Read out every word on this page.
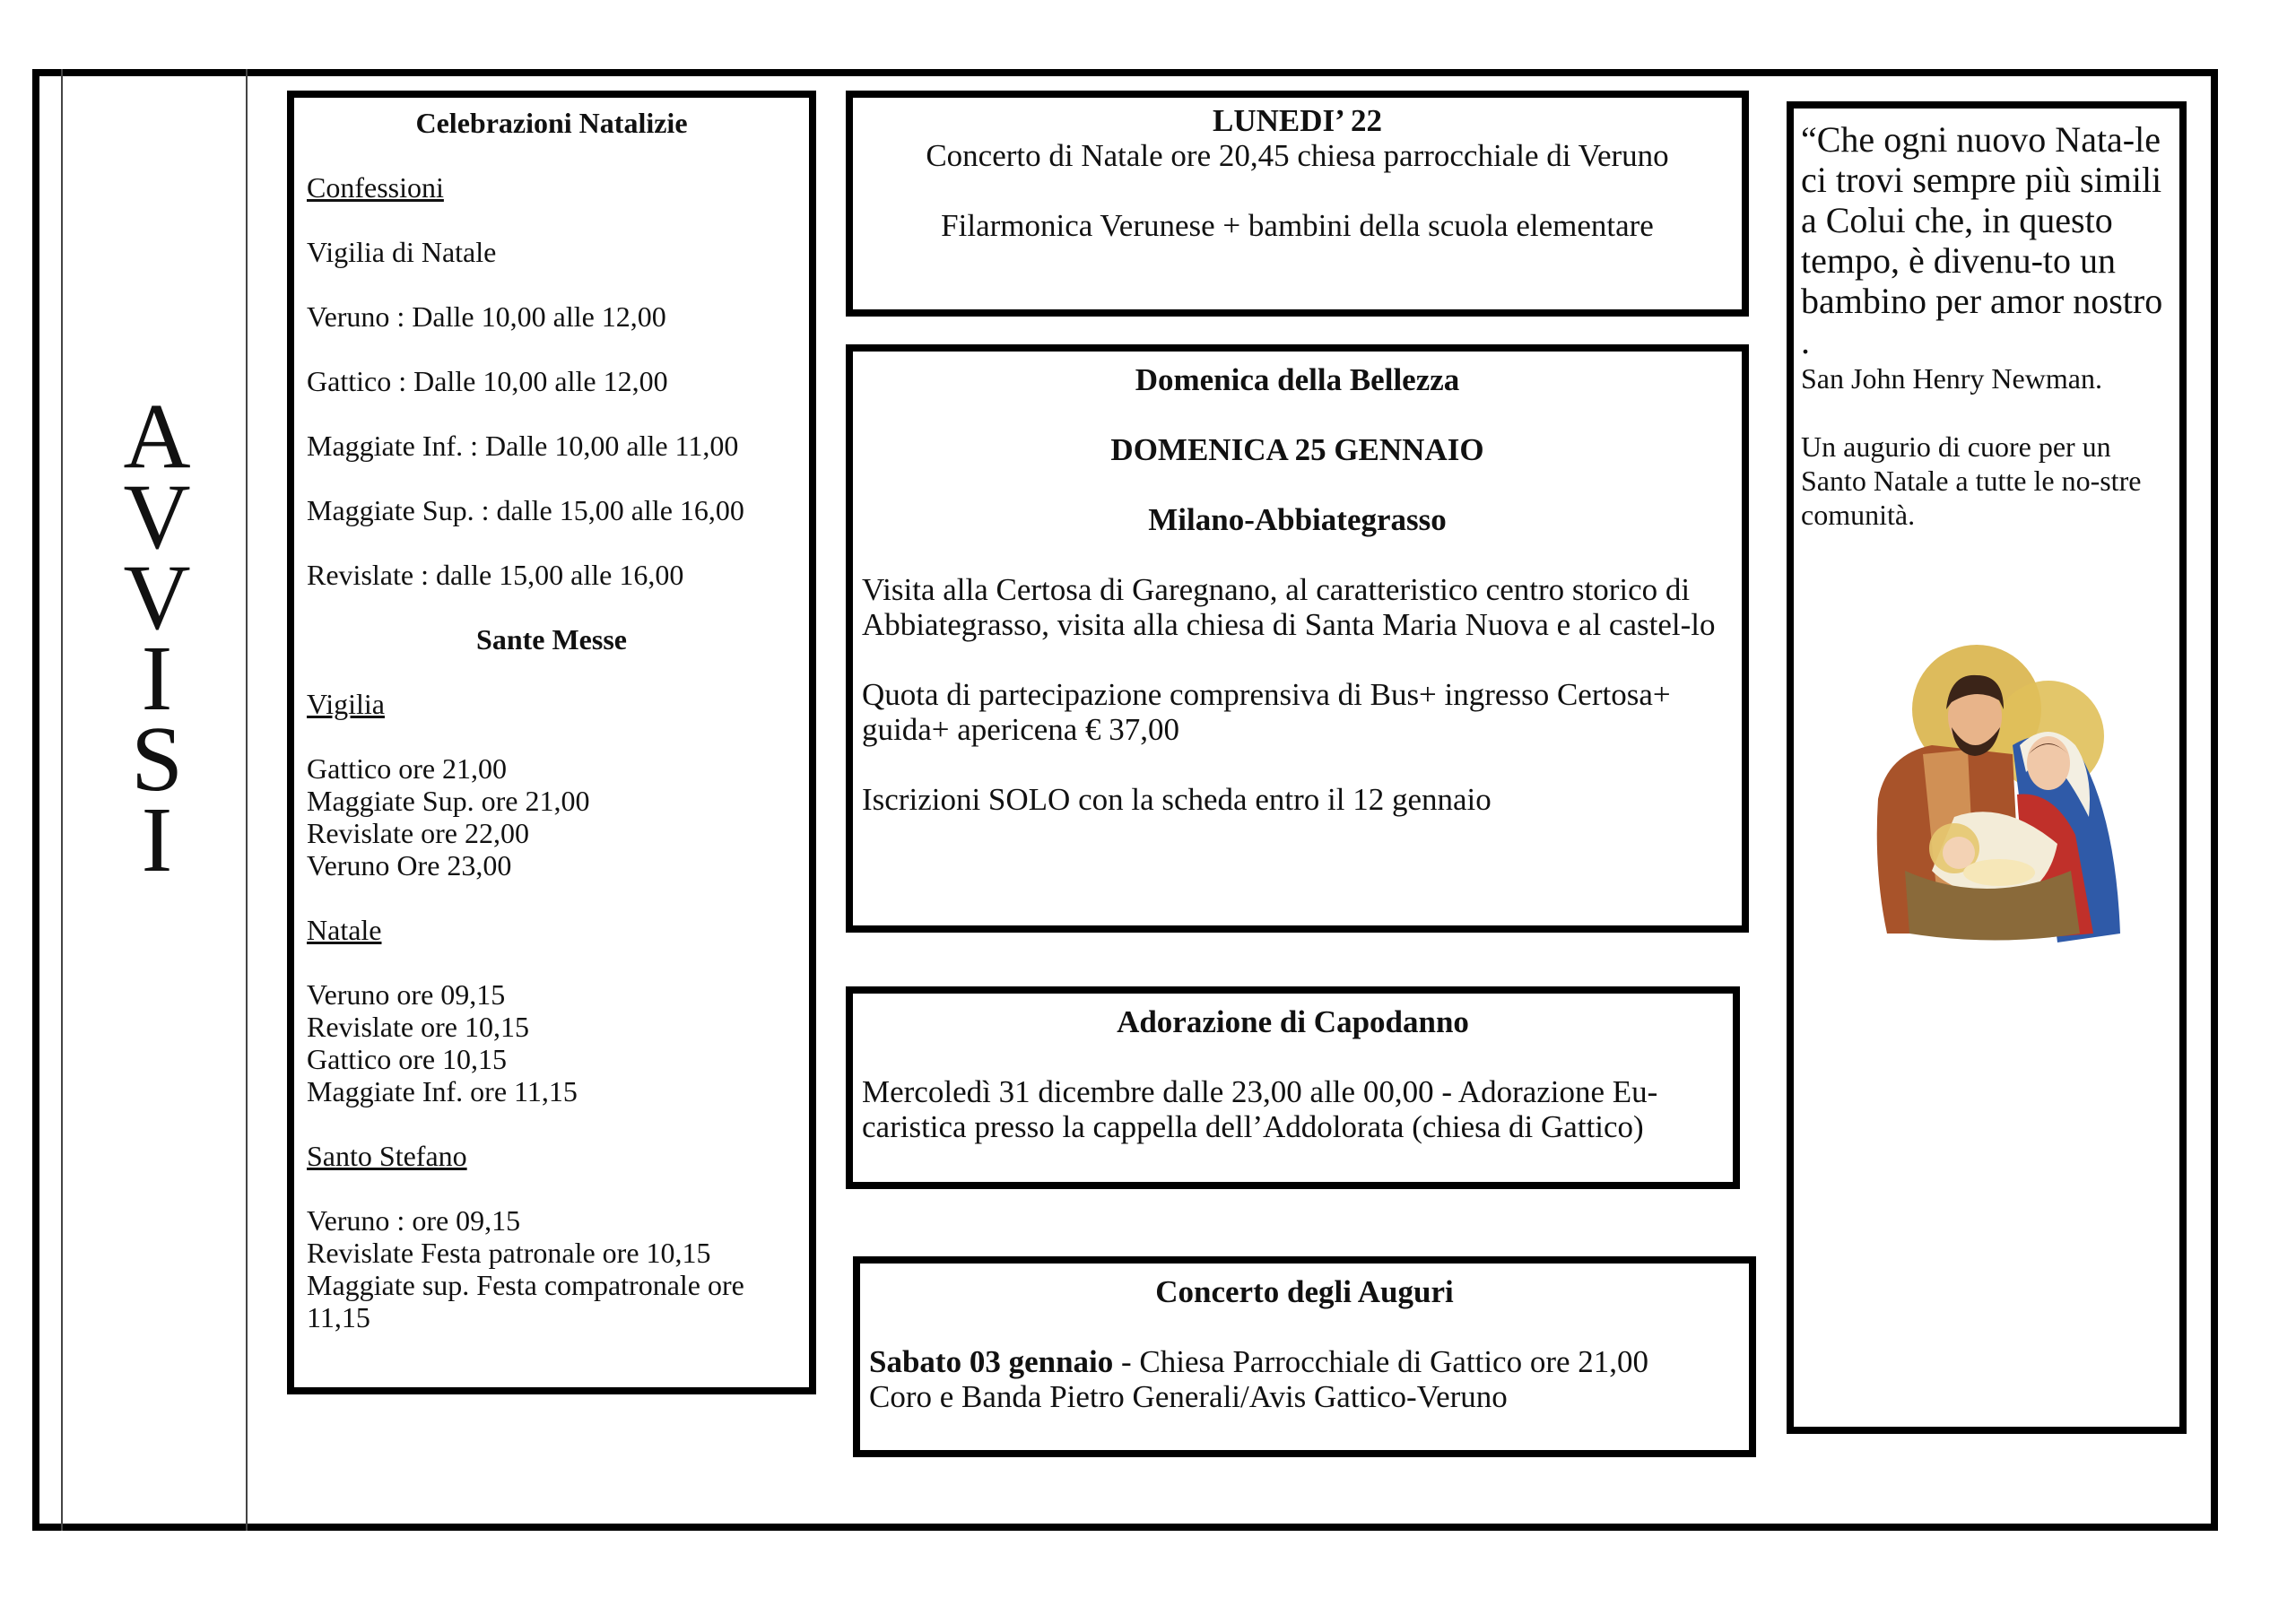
A
V
V
I
S
I

Celebrazioni Natalizie

Confessioni

Vigilia di Natale

Veruno : Dalle 10,00 alle 12,00

Gattico : Dalle 10,00 alle 12,00

Maggiate Inf. : Dalle 10,00 alle 11,00

Maggiate Sup. : dalle 15,00 alle 16,00

Revislate : dalle 15,00 alle 16,00

Sante Messe

Vigilia

Gattico ore 21,00

Maggiate Sup. ore 21,00

Revislate ore 22,00

Veruno Ore 23,00

Natale

Veruno ore 09,15

Revislate ore 10,15

Gattico ore 10,15

Maggiate Inf. ore 11,15

Santo Stefano

Veruno : ore 09,15

Revislate Festa patronale ore 10,15

Maggiate sup. Festa compatronale ore 11,15

LUNEDI’ 22

Concerto di Natale ore 20,45 chiesa parrocchiale di Veruno

Filarmonica Verunese + bambini della scuola elementare

Domenica della Bellezza

DOMENICA 25 GENNAIO

Milano-Abbiategrasso

Visita alla Certosa di Garegnano, al caratteristico centro storico di Abbiategrasso, visita alla chiesa di Santa Maria Nuova e al castel-lo

Quota di partecipazione comprensiva di Bus+ ingresso Certosa+ guida+ apericena € 37,00

Iscrizioni SOLO con la scheda entro il 12 gennaio

Adorazione di Capodanno

Mercoledì 31 dicembre dalle 23,00 alle 00,00 - Adorazione Eu-caristica presso la cappella dell’Addolorata (chiesa di Gattico)

Concerto degli Auguri

Sabato 03 gennaio - Chiesa Parrocchiale di Gattico ore 21,00

Coro e Banda Pietro Generali/Avis Gattico-Veruno

“Che ogni nuovo Nata-le ci trovi sempre più simili a Colui che, in questo tempo, è divenu-to un bambino per amor nostro .

San John Henry Newman.

Un augurio di cuore per un Santo Natale a tutte le no-stre comunità.
